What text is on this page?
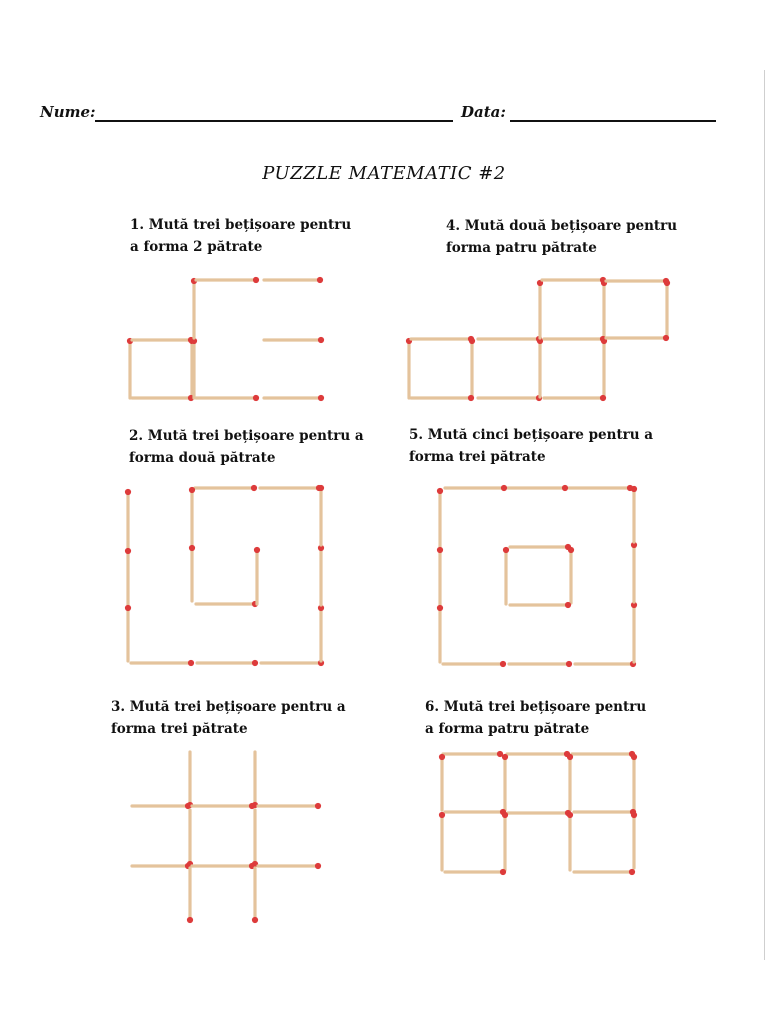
Nume:	Data:
PUZZLE MATEMATIC #2
1. Mută trei bețișoare pentru
a forma 2 pătrate
4. Mută două bețișoare pentru
forma patru pătrate
2. Mută trei bețișoare pentru a
forma două pătrate
5. Mută cinci bețișoare pentru a
forma trei pătrate
3. Mută trei bețișoare pentru a
forma trei pătrate
6. Mută trei bețișoare pentru
a forma patru pătrate
